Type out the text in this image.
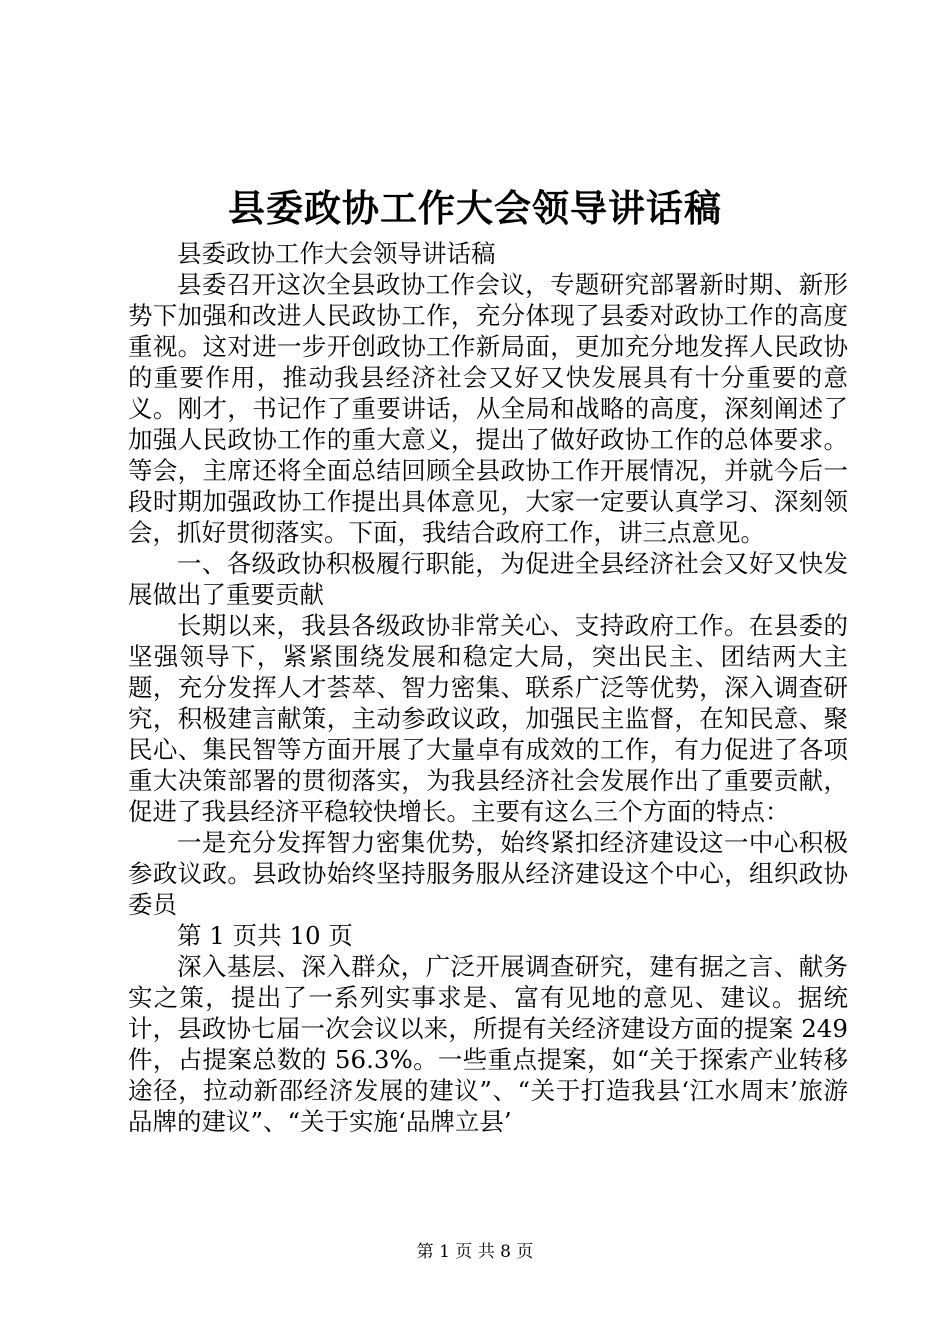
县委政协工作大会领导讲话稿

县委政协工作大会领导讲话稿

县委召开这次全县政协工作会议，专题研究部署新时期、新形势下加强和改进人民政协工作，充分体现了县委对政协工作的高度重视。这对进一步开创政协工作新局面，更加充分地发挥人民政协的重要作用，推动我县经济社会又好又快发展具有十分重要的意义。刚才，书记作了重要讲话，从全局和战略的高度，深刻阐述了加强人民政协工作的重大意义，提出了做好政协工作的总体要求。等会，主席还将全面总结回顾全县政协工作开展情况，并就今后一段时期加强政协工作提出具体意见，大家一定要认真学习、深刻领会，抓好贯彻落实。下面，我结合政府工作，讲三点意见。

一、各级政协积极履行职能，为促进全县经济社会又好又快发展做出了重要贡献

长期以来，我县各级政协非常关心、支持政府工作。在县委的坚强领导下，紧紧围绕发展和稳定大局，突出民主、团结两大主题，充分发挥人才荟萃、智力密集、联系广泛等优势，深入调查研究，积极建言献策，主动参政议政，加强民主监督，在知民意、聚民心、集民智等方面开展了大量卓有成效的工作，有力促进了各项重大决策部署的贯彻落实，为我县经济社会发展作出了重要贡献，促进了我县经济平稳较快增长。主要有这么三个方面的特点：

一是充分发挥智力密集优势，始终紧扣经济建设这一中心积极参政议政。县政协始终坚持服务服从经济建设这个中心，组织政协委员

第 1 页共 10 页

深入基层、深入群众，广泛开展调查研究，建有据之言、献务实之策，提出了一系列实事求是、富有见地的意见、建议。据统计，县政协七届一次会议以来，所提有关经济建设方面的提案 249 件，占提案总数的 56.3%。一些重点提案，如“关于探索产业转移途径，拉动新邵经济发展的建议”、“关于打造我县‘江水周末’旅游品牌的建议”、“关于实施‘品牌立县’

第 1 页 共 8 页
